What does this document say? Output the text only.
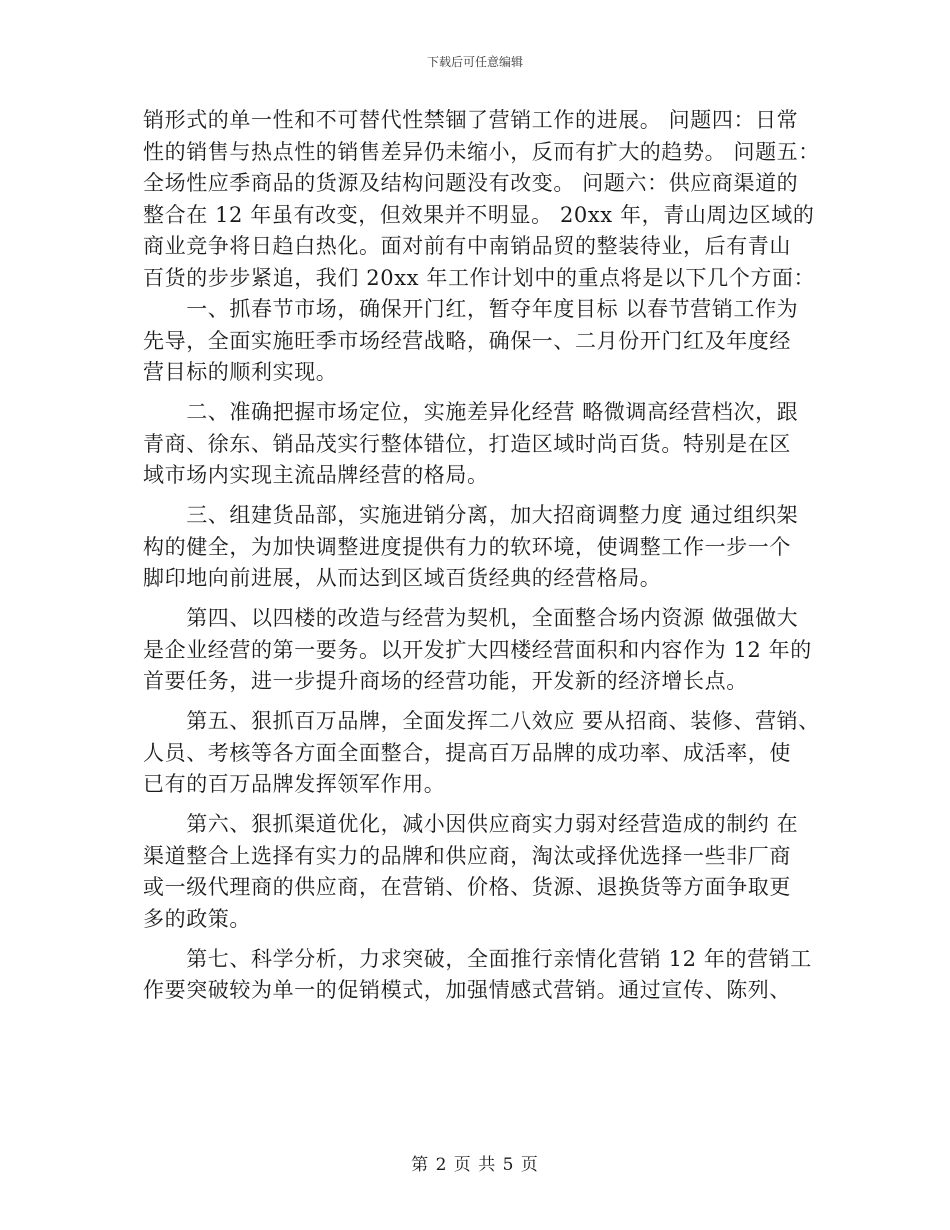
下载后可任意编辑
销形式的单一性和不可替代性禁锢了营销工作的进展。 问题四：日常
性的销售与热点性的销售差异仍未缩小，反而有扩大的趋势。 问题五：
全场性应季商品的货源及结构问题没有改变。 问题六：供应商渠道的
整合在 12 年虽有改变，但效果并不明显。 20xx 年，青山周边区域的
商业竞争将日趋白热化。面对前有中南销品贸的整装待业，后有青山
百货的步步紧追，我们 20xx 年工作计划中的重点将是以下几个方面：
　　一、抓春节市场，确保开门红，暂夺年度目标 以春节营销工作为
先导，全面实施旺季市场经营战略，确保一、二月份开门红及年度经
营目标的顺利实现。
　　二、准确把握市场定位，实施差异化经营 略微调高经营档次，跟
青商、徐东、销品茂实行整体错位，打造区域时尚百货。特别是在区
域市场内实现主流品牌经营的格局。
　　三、组建货品部，实施进销分离，加大招商调整力度 通过组织架
构的健全，为加快调整进度提供有力的软环境，使调整工作一步一个
脚印地向前进展，从而达到区域百货经典的经营格局。
　　第四、以四楼的改造与经营为契机，全面整合场内资源 做强做大
是企业经营的第一要务。以开发扩大四楼经营面积和内容作为 12 年的
首要任务，进一步提升商场的经营功能，开发新的经济增长点。
　　第五、狠抓百万品牌，全面发挥二八效应 要从招商、装修、营销、
人员、考核等各方面全面整合，提高百万品牌的成功率、成活率，使
已有的百万品牌发挥领军作用。
　　第六、狠抓渠道优化，减小因供应商实力弱对经营造成的制约 在
渠道整合上选择有实力的品牌和供应商，淘汰或择优选择一些非厂商
或一级代理商的供应商，在营销、价格、货源、退换货等方面争取更
多的政策。
　　第七、科学分析，力求突破，全面推行亲情化营销 12 年的营销工
作要突破较为单一的促销模式，加强情感式营销。通过宣传、陈列、
第 2 页 共 5 页
